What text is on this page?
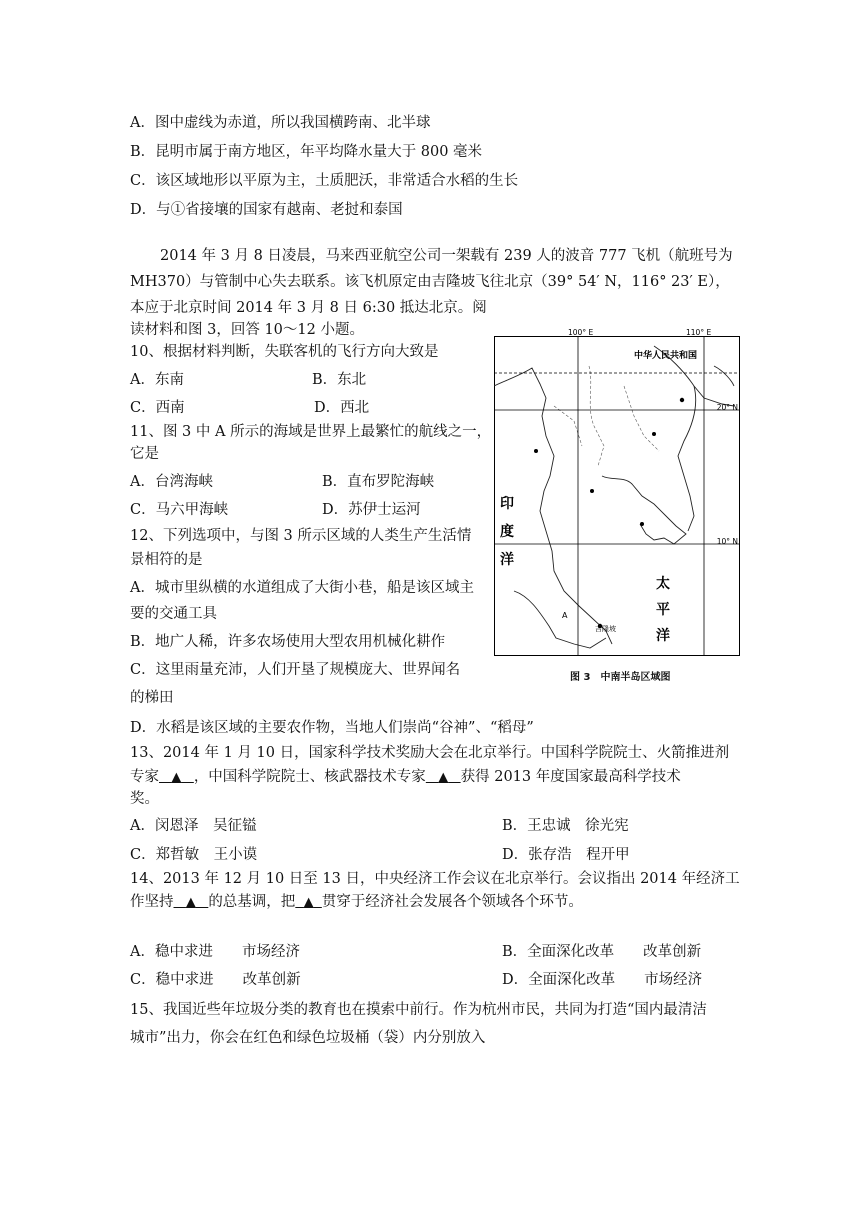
A．图中虚线为赤道，所以我国横跨南、北半球
B．昆明市属于南方地区，年平均降水量大于 800 毫米
C．该区域地形以平原为主，土质肥沃，非常适合水稻的生长
D．与①省接壤的国家有越南、老挝和泰国
2014 年 3 月 8 日凌晨，马来西亚航空公司一架载有 239 人的波音 777 飞机（航班号为
MH370）与管制中心失去联系。该飞机原定由吉隆坡飞往北京（39° 54′ N，116° 23′ E），
本应于北京时间 2014 年 3 月 8 日 6:30 抵达北京。阅
读材料和图 3，回答 10～12 小题。
10、根据材料判断，失联客机的飞行方向大致是
A．东南	B．东北
C．西南	D．西北
11、图 3 中 A 所示的海域是世界上最繁忙的航线之一，
它是
A．台湾海峡	B．直布罗陀海峡
C．马六甲海峡	D．苏伊士运河
12、下列选项中，与图 3 所示区域的人类生产生活情
景相符的是
A．城市里纵横的水道组成了大街小巷，船是该区域主
要的交通工具
B．地广人稀，许多农场使用大型农用机械化耕作
C．这里雨量充沛，人们开垦了规模庞大、世界闻名
的梯田
D．水稻是该区域的主要农作物，当地人们崇尚“谷神”、“稻母”
13、2014 年 1 月 10 日，国家科学技术奖励大会在北京举行。中国科学院院士、火箭推进剂
专家 ▲ ，中国科学院院士、核武器技术专家 ▲ 获得 2013 年度国家最高科学技术
奖。
A．闵恩泽　吴征镒	B．王忠诚　徐光宪
C．郑哲敏　王小谟	D．张存浩　程开甲
14、2013 年 12 月 10 日至 13 日，中央经济工作会议在北京举行。会议指出 2014 年经济工
作坚持 ▲ 的总基调，把 ▲ 贯穿于经济社会发展各个领域各个环节。
A．稳中求进　　市场经济	B．全面深化改革　　改革创新
C．稳中求进　　改革创新	D．全面深化改革　　市场经济
15、我国近些年垃圾分类的教育也在摸索中前行。作为杭州市民，共同为打造“国内最清洁
城市”出力，你会在红色和绿色垃圾桶（袋）内分别放入
100° E	110° E
20° N
10° N
中华人民共和国
印
度
洋
太
平
洋
吉隆坡
A
图 3　中南半岛区域图
